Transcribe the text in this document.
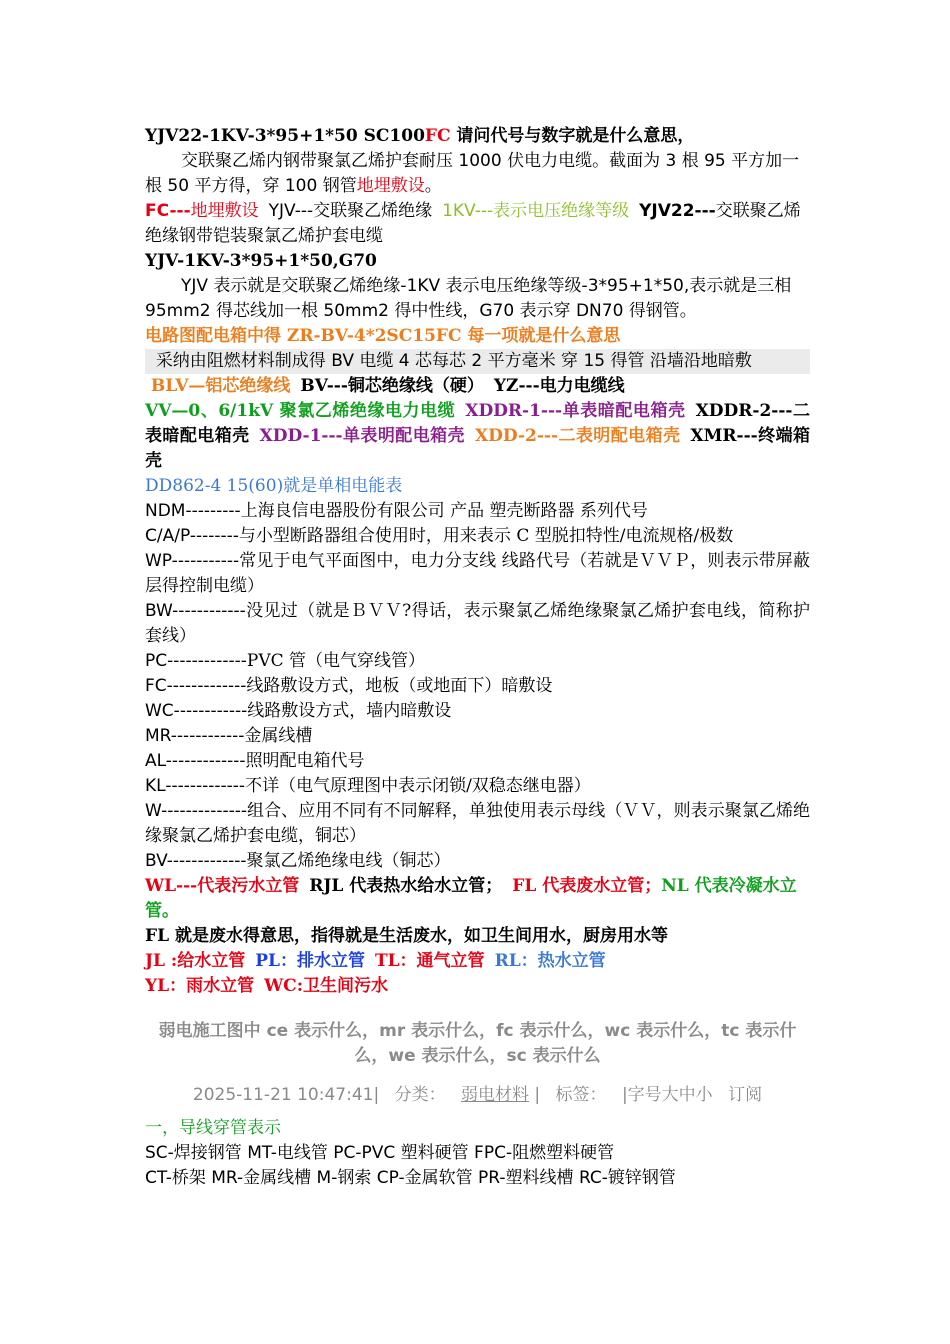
YJV22-1KV-3*95+1*50 SC100FC 请问代号与数字就是什么意思，
交联聚乙烯内钢带聚氯乙烯护套耐压 1000 伏电力电缆。截面为 3 根 95 平方加一根 50 平方得，穿 100 钢管地埋敷设。
FC---地埋敷设 YJV---交联聚乙烯绝缘 1KV---表示电压绝缘等级 YJV22---交联聚乙烯绝缘钢带铠装聚氯乙烯护套电缆
YJV-1KV-3*95+1*50,G70
YJV 表示就是交联聚乙烯绝缘-1KV 表示电压绝缘等级-3*95+1*50,表示就是三相 95mm2 得芯线加一根 50mm2 得中性线，G70 表示穿 DN70 得钢管。
电路图配电箱中得 ZR-BV-4*2SC15FC 每一项就是什么意思
采纳由阻燃材料制成得 BV 电缆 4 芯每芯 2 平方毫米 穿 15 得管 沿墙沿地暗敷
BLV—铝芯绝缘线 BV---铜芯绝缘线（硬） YZ---电力电缆线
VV—0、6/1kV 聚氯乙烯绝缘电力电缆 XDDR-1---单表暗配电箱壳 XDDR-2---二表暗配电箱壳 XDD-1---单表明配电箱壳 XDD-2---二表明配电箱壳 XMR---终端箱壳
DD862-4 15(60)就是单相电能表
NDM---------上海良信电器股份有限公司 产品 塑壳断路器 系列代号
C/A/P--------与小型断路器组合使用时，用来表示 C 型脱扣特性/电流规格/极数
WP-----------常见于电气平面图中，电力分支线 线路代号（若就是ＶＶＰ，则表示带屏蔽层得控制电缆）
BW------------没见过（就是ＢＶＶ?得话，表示聚氯乙烯绝缘聚氯乙烯护套电线，简称护套线）
PC-------------PVC 管（电气穿线管）
FC-------------线路敷设方式，地板（或地面下）暗敷设
WC------------线路敷设方式，墙内暗敷设
MR------------金属线槽
AL-------------照明配电箱代号
KL-------------不详（电气原理图中表示闭锁/双稳态继电器）
W--------------组合、应用不同有不同解释，单独使用表示母线（ＶＶ，则表示聚氯乙烯绝缘聚氯乙烯护套电缆，铜芯）
BV-------------聚氯乙烯绝缘电线（铜芯）
WL---代表污水立管 RJL 代表热水给水立管； FL 代表废水立管；NL 代表冷凝水立管。
FL 就是废水得意思，指得就是生活废水，如卫生间用水，厨房用水等
JL :给水立管 PL：排水立管 TL：通气立管 RL：热水立管
YL：雨水立管 WC:卫生间污水
弱电施工图中 ce 表示什么，mr 表示什么，fc 表示什么，wc 表示什么，tc 表示什么，we 表示什么，sc 表示什么
2025-11-21 10:47:41| 分类： 弱电材料 | 标签： |字号大中小 订阅
一，导线穿管表示
SC-焊接钢管 MT-电线管 PC-PVC 塑料硬管 FPC-阻燃塑料硬管
CT-桥架 MR-金属线槽 M-钢索 CP-金属软管 PR-塑料线槽 RC-镀锌钢管
